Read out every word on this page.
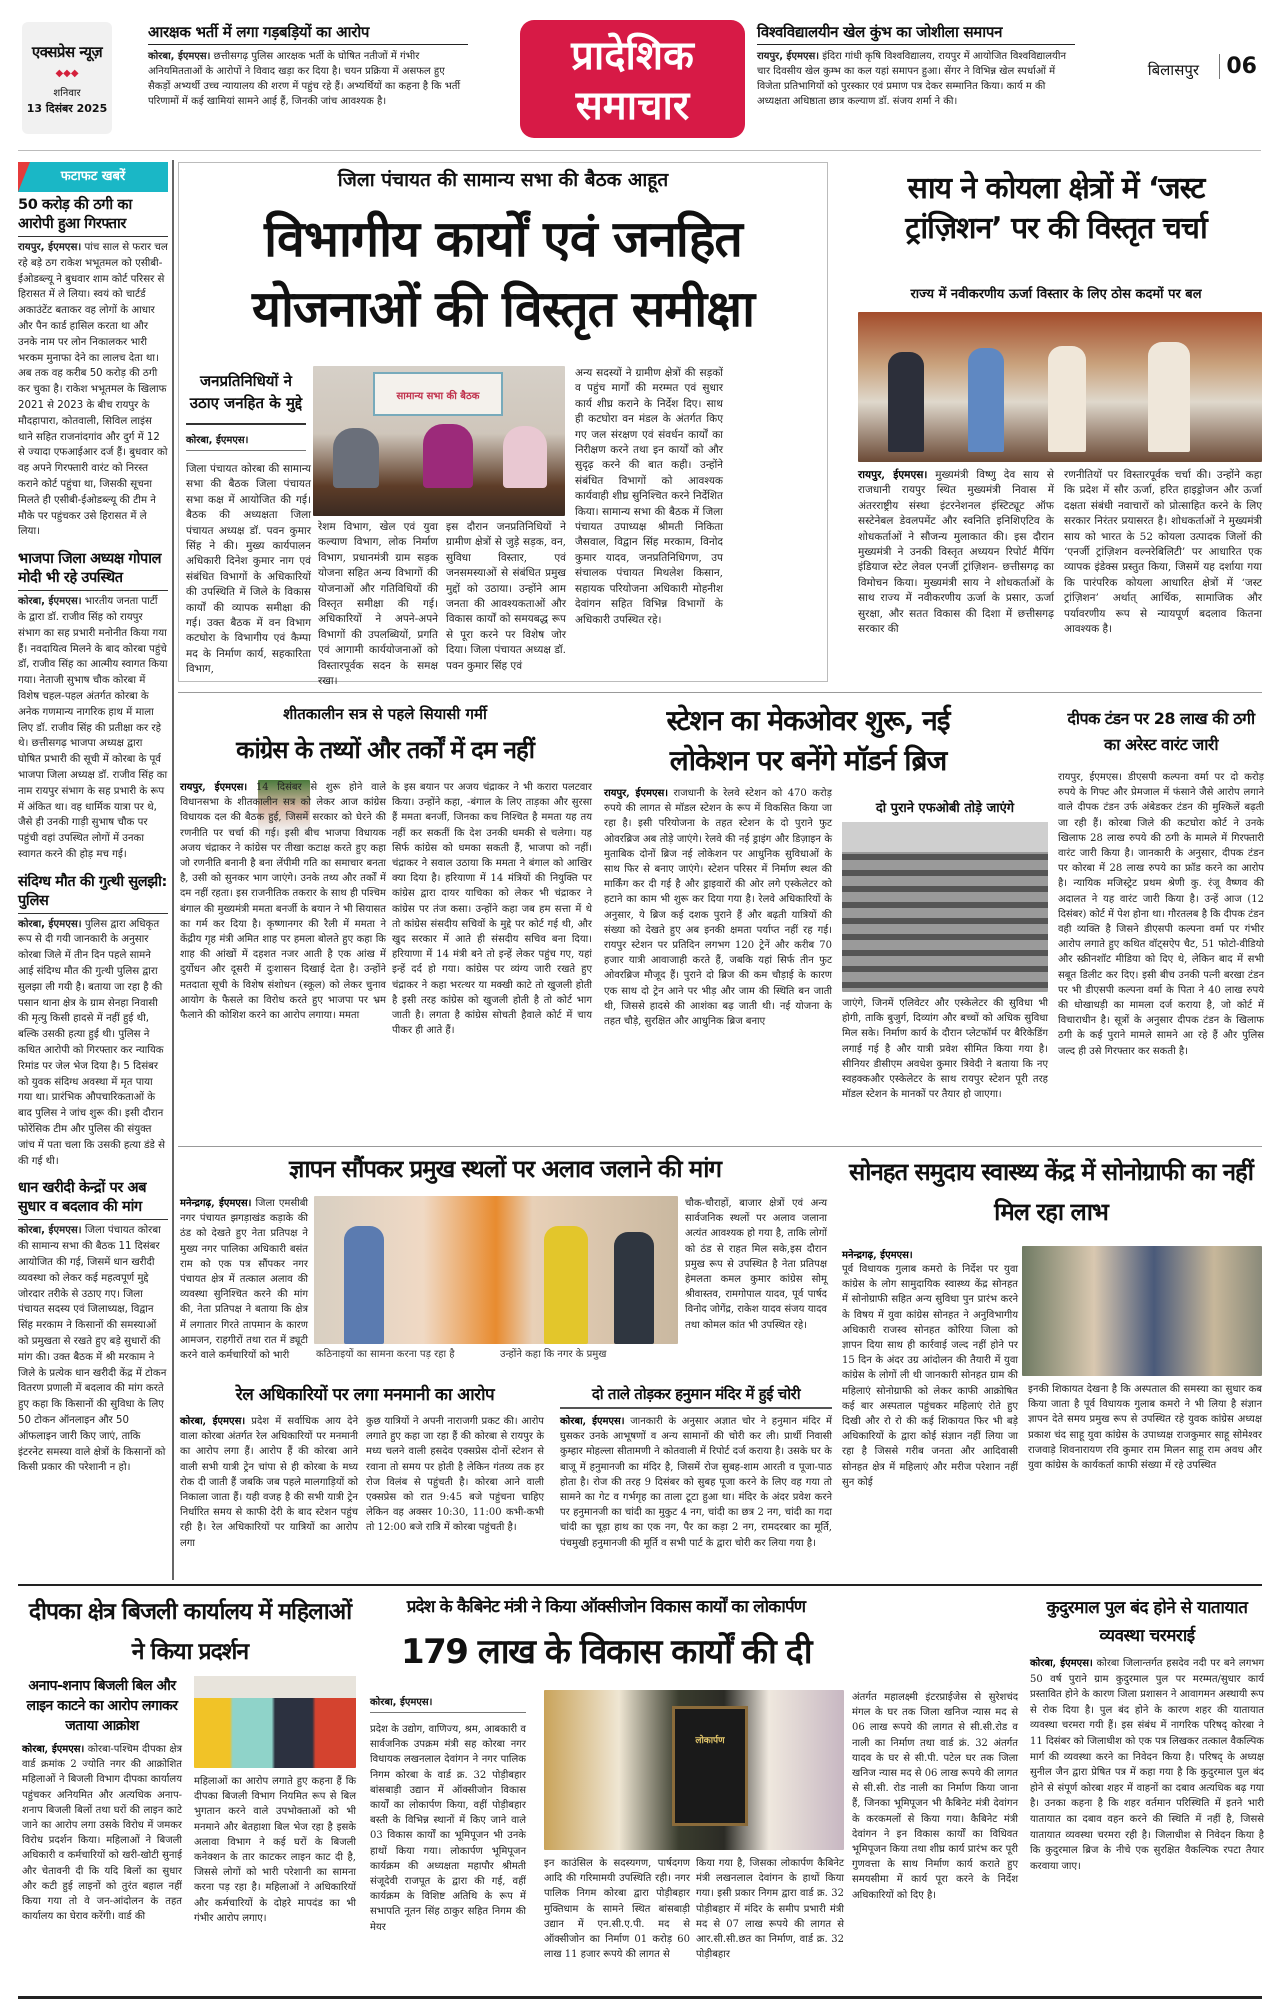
एक्सप्रेस न्यूज़
◆◆◆
शनिवार
13 दिसंबर 2025
आरक्षक भर्ती में लगा गड़बड़ियों का आरोप
कोरबा, ईएमएस। छत्तीसगढ़ पुलिस आरक्षक भर्ती के घोषित नतीजों में गंभीर अनियमितताओं के आरोपों ने विवाद खड़ा कर दिया है। चयन प्रक्रिया में असफल हुए सैकड़ों अभ्यर्थी उच्च न्यायालय की शरण में पहुंच रहे हैं। अभ्यर्थियों का कहना है कि भर्ती परिणामों में कई खामियां सामने आई हैं, जिनकी जांच आवश्यक है।
प्रादेशिक
समाचार
विश्वविद्यालयीन खेल कुंभ का जोशीला समापन
रायपुर, ईएमएस। इंदिरा गांधी कृषि विश्वविद्यालय, रायपुर में आयोजित विश्वविद्यालयीन चार दिवसीय खेल कुम्भ का कल यहां समापन हुआ। सेंगर ने विभिन्न खेल स्पर्धाओं में विजेता प्रतिभागियों को पुरस्कार एवं प्रमाण पत्र देकर सम्मानित किया। कार्य म की अध्यक्षता अधिष्ठाता छात्र कल्याण डॉ. संजय शर्मा ने की।
बिलासपुर	06
फटाफट खबरें
50 करोड़ की ठगी का आरोपी हुआ गिरफ्तार
रायपुर, ईएमएस। पांच साल से फरार चल रहे बड़े ठग राकेश भभूतमल को एसीबी-ईओडब्ल्यू ने बुधवार शाम कोर्ट परिसर से हिरासत में ले लिया। स्वयं को चार्टर्ड अकाउंटेंट बताकर वह लोगों के आधार और पैन कार्ड हासिल करता था और उनके नाम पर लोन निकालकर भारी भरकम मुनाफा देने का लालच देता था। अब तक वह करीब 50 करोड़ की ठगी कर चुका है। राकेश भभूतमल के खिलाफ 2021 से 2023 के बीच रायपुर के मौदहापारा, कोतवाली, सिविल लाइंस थाने सहित राजनांदगांव और दुर्ग में 12 से ज्यादा एफआईआर दर्ज हैं। बुधवार को वह अपने गिरफ्तारी वारंट को निरस्त कराने कोर्ट पहुंचा था, जिसकी सूचना मिलते ही एसीबी-ईओडब्ल्यू की टीम ने मौके पर पहुंचकर उसे हिरासत में ले लिया।
भाजपा जिला अध्यक्ष गोपाल मोदी भी रहे उपस्थित
कोरबा, ईएमएस। भारतीय जनता पार्टी के द्वारा डॉ. राजीव सिंह को रायपुर संभाग का सह प्रभारी मनोनीत किया गया हैं। नवदायित्व मिलने के बाद कोरबा पहुंचे डॉ, राजीव सिंह का आत्मीय स्वागत किया गया। नेताजी सुभाष चौक कोरबा में विशेष चहल-पहल अंतर्गत कोरबा के अनेक गणमान्य नागरिक हाथ में माला लिए डॉ. राजीव सिंह की प्रतीक्षा कर रहे थे। छत्तीसगढ़ भाजपा अध्यक्ष द्वारा घोषित प्रभारी की सूची में कोरबा के पूर्व भाजपा जिला अध्यक्ष डॉ. राजीव सिंह का नाम रायपुर संभाग के सह प्रभारी के रूप में अंकित था। वह धार्मिक यात्रा पर थे, जैसे ही उनकी गाड़ी सुभाष चौक पर पहुंची वहां उपस्थित लोगों में उनका स्वागत करने की होड़ मच गई।
संदिग्ध मौत की गुत्थी सुलझी: पुलिस
कोरबा, ईएमएस। पुलिस द्वारा अधिकृत रूप से दी गयी जानकारी के अनुसार कोरबा जिले में तीन दिन पहले सामने आई संदिग्ध मौत की गुत्थी पुलिस द्वारा सुलझा ली गयी है। बताया जा रहा है की पसान थाना क्षेत्र के ग्राम सेनहा निवासी की मृत्यु किसी हादसे में नहीं हुई थी, बल्कि उसकी हत्या हुई थी। पुलिस ने कथित आरोपी को गिरफ्तार कर न्यायिक रिमांड पर जेल भेज दिया है। 5 दिसंबर को युवक संदिग्ध अवस्था में मृत पाया गया था। प्रारंभिक औपचारिकताओं के बाद पुलिस ने जांच शुरू की। इसी दौरान फोरेंसिक टीम और पुलिस की संयुक्त जांच में पता चला कि उसकी हत्या डंडे से की गई थी।
धान खरीदी केन्द्रों पर अब सुधार व बदलाव की मांग
कोरबा, ईएमएस। जिला पंचायत कोरबा की सामान्य सभा की बैठक 11 दिसंबर आयोजित की गई, जिसमें धान खरीदी व्यवस्था को लेकर कई महत्वपूर्ण मुद्दे जोरदार तरीके से उठाए गए। जिला पंचायत सदस्य एवं जिलाध्यक्ष, विद्वान सिंह मरकाम ने किसानों की समस्याओं को प्रमुखता से रखते हुए बड़े सुधारों की मांग की। उक्त बैठक में श्री मरकाम ने जिले के प्रत्येक धान खरीदी केंद्र में टोकन वितरण प्रणाली में बदलाव की मांग करते हुए कहा कि किसानों की सुविधा के लिए 50 टोकन ऑनलाइन और 50 ऑफलाइन जारी किए जाएं, ताकि इंटरनेट समस्या वाले क्षेत्रों के किसानों को किसी प्रकार की परेशानी न हो।
जिला पंचायत की सामान्य सभा की बैठक आहूत
विभागीय कार्यों एवं जनहित
योजनाओं की विस्तृत समीक्षा
जनप्रतिनिधियों ने उठाए जनहित के मुद्दे
कोरबा, ईएमएस।
जिला पंचायत कोरबा की सामान्य सभा की बैठक जिला पंचायत सभा कक्ष में आयोजित की गई। बैठक की अध्यक्षता जिला पंचायत अध्यक्ष डॉ. पवन कुमार सिंह ने की। मुख्य कार्यपालन अधिकारी दिनेश कुमार नाग एवं संबंधित विभागों के अधिकारियों की उपस्थिति में जिले के विकास कार्यों की व्यापक समीक्षा की गई। उक्त बैठक में वन विभाग कटघोरा के विभागीय एवं कैम्पा मद के निर्माण कार्य, सहकारिता विभाग,
सामान्य सभा की बैठक
रेशम विभाग, खेल एवं युवा कल्याण विभाग, लोक निर्माण विभाग, प्रधानमंत्री ग्राम सड़क योजना सहित अन्य विभागों की योजनाओं और गतिविधियों की विस्तृत समीक्षा की गई। अधिकारियों ने अपने-अपने विभागों की उपलब्धियों, प्रगति एवं आगामी कार्ययोजनाओं को विस्तारपूर्वक सदन के समक्ष रखा।
इस दौरान जनप्रतिनिधियों ने ग्रामीण क्षेत्रों से जुड़े सड़क, वन, सुविधा विस्तार, एवं जनसमस्याओं से संबंधित प्रमुख मुद्दों को उठाया। उन्होंने आम जनता की आवश्यकताओं और विकास कार्यों को समयबद्ध रूप से पूरा करने पर विशेष जोर दिया। जिला पंचायत अध्यक्ष डॉ. पवन कुमार सिंह एवं
अन्य सदस्यों ने ग्रामीण क्षेत्रों की सड़कों व पहुंच मार्गों की मरम्मत एवं सुधार कार्य शीघ्र कराने के निर्देश दिए। साथ ही कटघोरा वन मंडल के अंतर्गत किए गए जल संरक्षण एवं संवर्धन कार्यों का निरीक्षण करने तथा इन कार्यों को और सुदृढ़ करने की बात कही। उन्होंने संबंधित विभागों को आवश्यक कार्यवाही शीघ्र सुनिश्चित करने निर्देशित किया। सामान्य सभा की बैठक में जिला पंचायत उपाध्यक्ष श्रीमती निकिता जैसवाल, विद्वान सिंह मरकाम, विनोद कुमार यादव, जनप्रतिनिधिगण, उप संचालक पंचायत मिथलेश किसान, सहायक परियोजना अधिकारी मोहनीश देवांगन सहित विभिन्न विभागों के अधिकारी उपस्थित रहे।
साय ने कोयला क्षेत्रों में ‘जस्ट
ट्रांज़िशन’ पर की विस्तृत चर्चा
राज्य में नवीकरणीय ऊर्जा विस्तार के लिए ठोस कदमों पर बल
रायपुर, ईएमएस। मुख्यमंत्री विष्णु देव साय से राजधानी रायपुर स्थित मुख्यमंत्री निवास में अंतरराष्ट्रीय संस्था इंटरनेशनल इंस्टिट्यूट ऑफ सस्टेनेबल डेवलपमेंट और स्वनिति इनिशिएटिव के शोधकर्ताओं ने सौजन्य मुलाकात की। इस दौरान मुख्यमंत्री ने उनकी विस्तृत अध्ययन रिपोर्ट मैपिंग इंडियाज स्टेट लेवल एनर्जी ट्रांज़िशन- छत्तीसगढ़ का विमोचन किया। मुख्यमंत्री साय ने शोधकर्ताओं के साथ राज्य में नवीकरणीय ऊर्जा के प्रसार, ऊर्जा सुरक्षा, और सतत विकास की दिशा में छत्तीसगढ़ सरकार की
रणनीतियों पर विस्तारपूर्वक चर्चा की। उन्होंने कहा कि प्रदेश में सौर ऊर्जा, हरित हाइड्रोजन और ऊर्जा दक्षता संबंधी नवाचारों को प्रोत्साहित करने के लिए सरकार निरंतर प्रयासरत है। शोधकर्ताओं ने मुख्यमंत्री साय को भारत के 52 कोयला उत्पादक जिलों की ‘एनर्जी ट्रांज़िशन वल्नरेबिलिटी’ पर आधारित एक व्यापक इंडेक्स प्रस्तुत किया, जिसमें यह दर्शाया गया कि पारंपरिक कोयला आधारित क्षेत्रों में ‘जस्ट ट्रांज़िशन’ अर्थात् आर्थिक, सामाजिक और पर्यावरणीय रूप से न्यायपूर्ण बदलाव कितना आवश्यक है।
शीतकालीन सत्र से पहले सियासी गर्मी
कांग्रेस के तथ्यों और तर्कों में दम नहीं
रायपुर, ईएमएस। 14 दिसंबर से शुरू होने वाले विधानसभा के शीतकालीन सत्र को लेकर आज कांग्रेस विधायक दल की बैठक हुई, जिसमें सरकार को घेरने की रणनीति पर चर्चा की गई। इसी बीच भाजपा विधायक अजय चंद्राकर ने कांग्रेस पर तीखा कटाक्ष करते हुए कहा जो रणनीति बनानी है बना लेंपीमी गति का समाचार बनता है, उसी को सुनकर भाग जाएंगे। उनके तथ्य और तर्कों में दम नहीं रहता। इस राजनीतिक तकरार के साथ ही पश्चिम बंगाल की मुख्यमंत्री ममता बनर्जी के बयान ने भी सियासत का गर्म कर दिया है। कृष्णानगर की रैली में ममता ने केंद्रीय गृह मंत्री अमित शाह पर हमला बोलते हुए कहा कि शाह की आंखों में दहशत नजर आती है एक आंख में दुर्योधन और दूसरी में दुःशासन दिखाई देता है। उन्होंने मतदाता सूची के विशेष संशोधन (स्कूल) को लेकर चुनाव आयोग के फैसले का विरोध करते हुए भाजपा पर भ्रम फैलाने की कोशिश करने का आरोप लगाया। ममता
के इस बयान पर अजय चंद्राकर ने भी करारा पलटवार किया। उन्होंने कहा, -बंगाल के लिए ताड़का और सुरसा हैं ममता बनर्जी, जिनका कच निश्चित है ममता यह तय नहीं कर सकतीं कि देश उनकी धमकी से चलेगा। यह सिर्फ कांग्रेस को धमका सकती हैं, भाजपा को नहीं। चंद्राकर ने सवाल उठाया कि ममता ने बंगाल को आखिर क्या दिया है। हरियाणा में 14 मंत्रियों की नियुक्ति पर कांग्रेस द्वारा दायर याचिका को लेकर भी चंद्राकर ने कांग्रेस पर तंज कसा। उन्होंने कहा जब हम सत्ता में थे तो कांग्रेस संसदीय सचिवों के मुद्दे पर कोर्ट गई थी, और खुद सरकार में आते ही संसदीय सचिव बना दिया। हरियाणा में 14 मंत्री बने तो इन्हें लेकर पहुंच गए, यहां इन्हें दर्द हो गया। कांग्रेस पर व्यंग्य जारी रखते हुए चंद्राकर ने कहा भरत्थर या मक्खी काटे तो खुजली होती है इसी तरह कांग्रेस को खुजली होती है तो कोर्ट भाग जाती है। लगता है कांग्रेस सोचती हैवाले कोर्ट में चाय पीकर ही आते हैं।
स्टेशन का मेकओवर शुरू, नई
लोकेशन पर बनेंगे मॉडर्न ब्रिज
रायपुर, ईएमएस। राजधानी के रेलवे स्टेशन को 470 करोड़ रुपये की लागत से मॉडल स्टेशन के रूप में विकसित किया जा रहा है। इसी परियोजना के तहत स्टेशन के दो पुराने फुट ओवरब्रिज अब तोड़े जाएंगे। रेलवे की नई ड्राइंग और डिज़ाइन के मुताबिक दोनों ब्रिज नई लोकेशन पर आधुनिक सुविधाओं के साथ फिर से बनाए जाएंगे। स्टेशन परिसर में निर्माण स्थल की मार्किंग कर दी गई है और ड्राइवारों की ओर लगे एस्केलेटर को हटाने का काम भी शुरू कर दिया गया है। रेलवे अधिकारियों के अनुसार, ये ब्रिज कई दशक पुराने हैं और बढ़ती यात्रियों की संख्या को देखते हुए अब इनकी क्षमता पर्याप्त नहीं रह गई। रायपुर स्टेशन पर प्रतिदिन लगभग 120 ट्रेनें और करीब 70 हजार यात्री आवाजाही करते हैं, जबकि यहां सिर्फ तीन फुट ओवरब्रिज मौजूद हैं। पुराने दो ब्रिज की कम चौड़ाई के कारण एक साथ दो ट्रेन आने पर भीड़ और जाम की स्थिति बन जाती थी, जिससे हादसे की आशंका बढ़ जाती थी। नई योजना के तहत चौड़े, सुरक्षित और आधुनिक ब्रिज बनाए
दो पुराने एफओबी तोड़े जाएंगे
जाएंगे, जिनमें एलिवेटर और एस्केलेटर की सुविधा भी होगी, ताकि बुजुर्ग, दिव्यांग और बच्चों को अधिक सुविधा मिल सके। निर्माण कार्य के दौरान प्लेटफॉर्म पर बैरिकेडिंग लगाई गई है और यात्री प्रवेश सीमित किया गया है। सीनियर डीसीएम अवधेश कुमार त्रिवेदी ने बताया कि नए स्वहक्कऔर एस्केलेटर के साथ रायपुर स्टेशन पूरी तरह मॉडल स्टेशन के मानकों पर तैयार हो जाएगा।
दीपक टंडन पर 28 लाख की ठगी का अरेस्ट वारंट जारी
रायपुर, ईएमएस। डीएसपी कल्पना वर्मा पर दो करोड़ रुपये के गिफ्ट और प्रेमजाल में फंसाने जैसे आरोप लगाने वाले दीपक टंडन उर्फ अंबेडकर टंडन की मुश्किलें बढ़ती जा रही हैं। कोरबा जिले की कटघोरा कोर्ट ने उनके खिलाफ 28 लाख रुपये की ठगी के मामले में गिरफ्तारी वारंट जारी किया है। जानकारी के अनुसार, दीपक टंडन पर कोरबा में 28 लाख रुपये का फ्रॉड करने का आरोप है। न्यायिक मजिस्ट्रेट प्रथम श्रेणी कु. रंजू वैष्णव की अदालत ने यह वारंट जारी किया है। उन्हें आज (12 दिसंबर) कोर्ट में पेश होना था। गौरतलब है कि दीपक टंडन वही व्यक्ति है जिसने डीएसपी कल्पना वर्मा पर गंभीर आरोप लगाते हुए कथित वॉट्सऐप चैट, 51 फोटो-वीडियो और स्क्रीनशॉट मीडिया को दिए थे, लेकिन बाद में सभी सबूत डिलीट कर दिए। इसी बीच उनकी पत्नी बरखा टंडन पर भी डीएसपी कल्पना वर्मा के पिता ने 40 लाख रुपये की धोखाधड़ी का मामला दर्ज कराया है, जो कोर्ट में विचाराधीन है। सूत्रों के अनुसार दीपक टंडन के खिलाफ ठगी के कई पुराने मामले सामने आ रहे हैं और पुलिस जल्द ही उसे गिरफ्तार कर सकती है।
ज्ञापन सौंपकर प्रमुख स्थलों पर अलाव जलाने की मांग
मनेन्द्रगढ़, ईएमएस। जिला एमसीबी नगर पंचायत झगड़ाखंड कड़ाके की ठंड को देखते हुए नेता प्रतिपक्ष ने मुख्य नगर पालिका अधिकारी बसंत राम को एक पत्र सौंपकर नगर पंचायत क्षेत्र में तत्काल अलाव की व्यवस्था सुनिश्चित करने की मांग की, नेता प्रतिपक्ष ने बताया कि क्षेत्र में लगातार गिरते तापमान के कारण आमजन, राहगीरों तथा रात में ड्यूटी करने वाले कर्मचारियों को भारी	कठिनाइयों का सामना करना पड़ रहा है	उन्होंने कहा कि नगर के प्रमुख
चौक-चौराहों, बाजार क्षेत्रों एवं अन्य सार्वजनिक स्थलों पर अलाव जलाना अत्यंत आवश्यक हो गया है, ताकि लोगों को ठंड से राहत मिल सके,इस दौरान प्रमुख रूप से उपस्थित है नेता प्रतिपक्ष हेमलता कमल कुमार कांग्रेस सोमू श्रीवास्तव, रामगोपाल यादव, पूर्व पार्षद विनोद जोगेंद्र, राकेश यादव संजय यादव तथा कोमल कांत भी उपस्थित रहे।
सोनहत समुदाय स्वास्थ्य केंद्र में सोनोग्राफी का नहीं मिल रहा लाभ
मनेन्द्रगढ़, ईएमएस।
पूर्व विधायक गुलाब कमरो के निर्देश पर युवा कांग्रेस के लोग सामुदायिक स्वास्थ्य केंद्र सोनहत में सोनोग्राफी सहित अन्य सुविधा पुन प्रारंभ करने के विषय में युवा कांग्रेस सोनहत ने अनुविभागीय अधिकारी राजस्व सोनहत कोरिया जिला को ज्ञापन दिया साथ ही कार्रवाई जल्द नहीं होने पर 15 दिन के अंदर उग्र आंदोलन की तैयारी में युवा कांग्रेस के लोगों ली थी जानकारी सोनहत ग्राम की महिलाएं सोनोग्राफी को लेकर काफी आक्रोषित कई बार अस्पताल पहुंचकर महिलाएं रोते हुए दिखी और रो रो की कई शिकायत फिर भी बड़े अधिकारियों के द्वारा कोई संज्ञान नहीं लिया जा रहा है जिससे गरीब जनता और आदिवासी सोनहत क्षेत्र में महिलाएं और मरीज परेशान नहीं सुन कोई
इनकी शिकायत देखना है कि अस्पताल की समस्या का सुधार कब किया जाता है पूर्व विधायक गुलाब कमरो ने भी लिया है संज्ञान ज्ञापन देते समय प्रमुख रूप से उपस्थित रहे युवक कांग्रेस अध्यक्ष प्रकाश चंद साहू युवा कांग्रेस के उपाध्यक्ष राजकुमार साहू सोमेश्वर राजवाड़े शिवनारायण रवि कुमार राम मिलन साहू राम अवध और युवा कांग्रेस के कार्यकर्ता काफी संख्या में रहे उपस्थित
रेल अधिकारियों पर लगा मनमानी का आरोप
कोरबा, ईएमएस। प्रदेश में सर्वाधिक आय देने वाला कोरबा अंतर्गत रेल अधिकारियों पर मनमानी का आरोप लगा हैं। आरोप हैं की कोरबा आने वाली सभी यात्री ट्रेन चांपा से ही कोरबा के मध्य रोक दी जाती हैं जबकि जब पहले मालगाड़ियों को निकाला जाता हैं। यही वजह है की सभी यात्री ट्रेन निर्धारित समय से काफी देरी के बाद स्टेशन पहुंच रही है। रेल अधिकारियों पर यात्रियों का आरोप लगा
कुछ यात्रियों ने अपनी नाराजगी प्रकट की। आरोप लगाते हुए कहा जा रहा हैं की कोरबा से रायपुर के मध्य चलने वाली हसदेव एक्सप्रेस दोनों स्टेशन से रवाना तो समय पर होती है लेकिन गंतव्य तक हर रोज विलंब से पहुंचती है। कोरबा आने वाली एक्सप्रेस को रात 9:45 बजे पहुंचना चाहिए लेकिन वह अक्सर 10:30, 11:00 कभी-कभी तो 12:00 बजे रात्रि में कोरबा पहुंचती है।
दो ताले तोड़कर हनुमान मंदिर में हुई चोरी
कोरबा, ईएमएस। जानकारी के अनुसार अज्ञात चोर ने हनुमान मंदिर में घुसकर उनके आभूषणों व अन्य सामानों की चोरी कर ली। प्रार्थी निवासी कुम्हार मोहल्ला सीतामणी ने कोतवाली में रिपोर्ट दर्ज कराया है। उसके घर के बाजू में हनुमानजी का मंदिर है, जिसमें रोज सुबह-शाम आरती व पूजा-पाठ होता है। रोज की तरह 9 दिसंबर को सुबह पूजा करने के लिए वह गया तो सामने का गेट व गर्भगृह का ताला टूटा हुआ था। मंदिर के अंदर प्रवेश करने पर हनुमानजी का चांदी का मुकुट 4 नग, चांदी का छत्र 2 नग, चांदी का गदा चांदी का चूड़ा हाथ का एक नग, पैर का कड़ा 2 नग, रामदरबार का मूर्ति, पंचमुखी हनुमानजी की मूर्ति व सभी पार्ट के द्वारा चोरी कर लिया गया है।
दीपका क्षेत्र बिजली कार्यालय में महिलाओं ने किया प्रदर्शन
अनाप-शनाप बिजली बिल और लाइन काटने का आरोप लगाकर जताया आक्रोश
कोरबा, ईएमएस। कोरबा-पश्चिम दीपका क्षेत्र वार्ड क्रमांक 2 ज्योति नगर की आक्रोशित महिलाओं ने बिजली विभाग दीपका कार्यालय पहुंचकर अनियमित और अत्यधिक अनाप-शनाप बिजली बिलों तथा घरों की लाइन काटे जाने का आरोप लगा उसके विरोध में जमकर विरोध प्रदर्शन किया। महिलाओं ने बिजली अधिकारी व कर्मचारियों को खरी-खोटी सुनाई और चेतावनी दी कि यदि बिलों का सुधार और कटी हुई लाइनों को तुरंत बहाल नहीं किया गया तो वे जन-आंदोलन के तहत कार्यालय का घेराव करेंगी। वार्ड की
महिलाओं का आरोप लगाते हुए कहना हैं कि दीपका बिजली विभाग नियमित रूप से बिल भुगतान करने वाले उपभोक्ताओं को भी मनमाने और बेतहाशा बिल भेज रहा है इसके अलावा विभाग ने कई घरों के बिजली कनेक्शन के तार काटकर लाइन काट दी है, जिससे लोगों को भारी परेशानी का सामना करना पड़ रहा है। महिलाओं ने अधिकारियों और कर्मचारियों के दोहरे मापदंड का भी गंभीर आरोप लगाए।
प्रदेश के कैबिनेट मंत्री ने किया ऑक्सीजोन विकास कार्यों का लोकार्पण
179 लाख के विकास कार्यों की दी
कोरबा, ईएमएस।
प्रदेश के उद्योग, वाणिज्य, श्रम, आबकारी व सार्वजनिक उपक्रम मंत्री सह कोरबा नगर विधायक लखनलाल देवांगन ने नगर पालिक निगम कोरबा के वार्ड क्र. 32 पोड़ीबहार बांसबाड़ी उद्यान में ऑक्सीजोन विकास कार्यों का लोकार्पण किया, वहीं पोड़ीबहार बस्ती के विभिन्न स्थानों में किए जाने वाले 03 विकास कार्यों का भूमिपूजन भी उनके हाथों किया गया। लोकार्पण भूमिपूजन कार्यक्रम की अध्यक्षता महापौर श्रीमती संजूदेवी राजपूत के द्वारा की गई, वहीं कार्यक्रम के विशिष्ट अतिथि के रूप में सभापति नूतन सिंह ठाकुर सहित निगम की मेयर
लोकार्पण
इन काउंसिल के सदस्यगण, पार्षदगण आदि की गरिमामयी उपस्थिति रही। नगर पालिक निगम कोरबा द्वारा पोड़ीबहार मुक्तिधाम के सामने स्थित बांसबाड़ी उद्यान में एन.सी.ए.पी. मद से ऑक्सीजोन का निर्माण 01 करोड़ 60 लाख 11 हजार रूपये की लागत से
किया गया है, जिसका लोकार्पण कैबिनेट मंत्री लखनलाल देवांगन के हाथों किया गया। इसी प्रकार निगम द्वारा वार्ड क्र. 32 पोड़ीबहार में मंदिर के समीप प्रभारी मंत्री मद से 07 लाख रूपये की लागत से आर.सी.सी.छत का निर्माण, वार्ड क्र. 32 पोड़ीबहार
अंतर्गत महालक्ष्मी इंटरप्राईजेस से सुरेशचंद मंगल के घर तक जिला खनिज न्यास मद से 06 लाख रूपये की लागत से सी.सी.रोड व नाली का निर्माण तथा वार्ड क्रं. 32 अंतर्गत यादव के घर से सी.पी. पटेल घर तक जिला खनिज न्यास मद से 06 लाख रूपये की लागत से सी.सी. रोड नाली का निर्माण किया जाना हैं, जिनका भूमिपूजन भी कैबिनेट मंत्री देवांगन के करकमलों से किया गया। कैबिनेट मंत्री देवांगन ने इन विकास कार्यों का विधिवत भूमिपूजन किया तथा शीघ्र कार्य प्रारंभ कर पूरी गुणवत्ता के साथ निर्माण कार्य कराते हुए समयसीमा में कार्य पूरा करने के निर्देश अधिकारियों को दिए है।
कुदुरमाल पुल बंद होने से यातायात व्यवस्था चरमराई
कोरबा, ईएमएस। कोरबा जिलान्तर्गत हसदेव नदी पर बने लगभग 50 वर्ष पुराने ग्राम कुदुरमाल पुल पर मरम्मत/सुधार कार्य प्रस्तावित होने के कारण जिला प्रशासन ने आवागमन अस्थायी रूप से रोक दिया है। पुल बंद होने के कारण शहर की यातायात व्यवस्था चरमरा गयी हैं। इस संबंध में नागरिक परिषद् कोरबा ने 11 दिसंबर को जिलाधीश को एक पत्र लिखकर तत्काल वैकल्पिक मार्ग की व्यवस्था करने का निवेदन किया है। परिषद् के अध्यक्ष सुनील जैन द्वारा प्रेषित पत्र में कहा गया है कि कुदुरमाल पुल बंद होने से संपूर्ण कोरबा शहर में वाहनों का दबाव अत्यधिक बढ़ गया है। उनका कहना है कि शहर वर्तमान परिस्थिति में इतने भारी यातायात का दबाव वहन करने की स्थिति में नहीं है, जिससे यातायात व्यवस्था चरमरा रही है। जिलाधीश से निवेदन किया है कि कुदुरमाल ब्रिज के नीचे एक सुरक्षित वैकल्पिक रपटा तैयार करवाया जाए।
